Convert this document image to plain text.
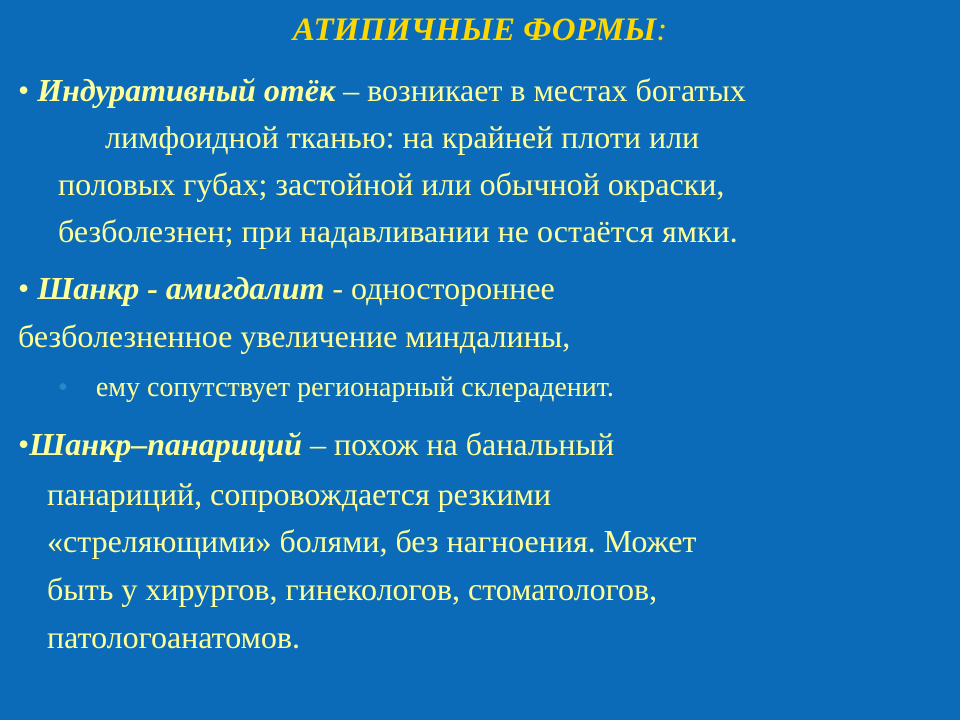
АТИПИЧНЫЕ ФОРМЫ:
• Индуративный отёк – возникает в местах богатых
лимфоидной тканью: на крайней плоти или
половых губах; застойной или обычной окраски,
безболезнен; при надавливании не остаётся ямки.
• Шанкр - амигдалит - одностороннее
безболезненное увеличение миндалины,
• ему сопутствует регионарный склераденит.
•Шанкр–панариций – похож на банальный
панариций, сопровождается резкими
«стреляющими» болями, без нагноения. Может
быть у хирургов, гинекологов, стоматологов,
патологоанатомов.
